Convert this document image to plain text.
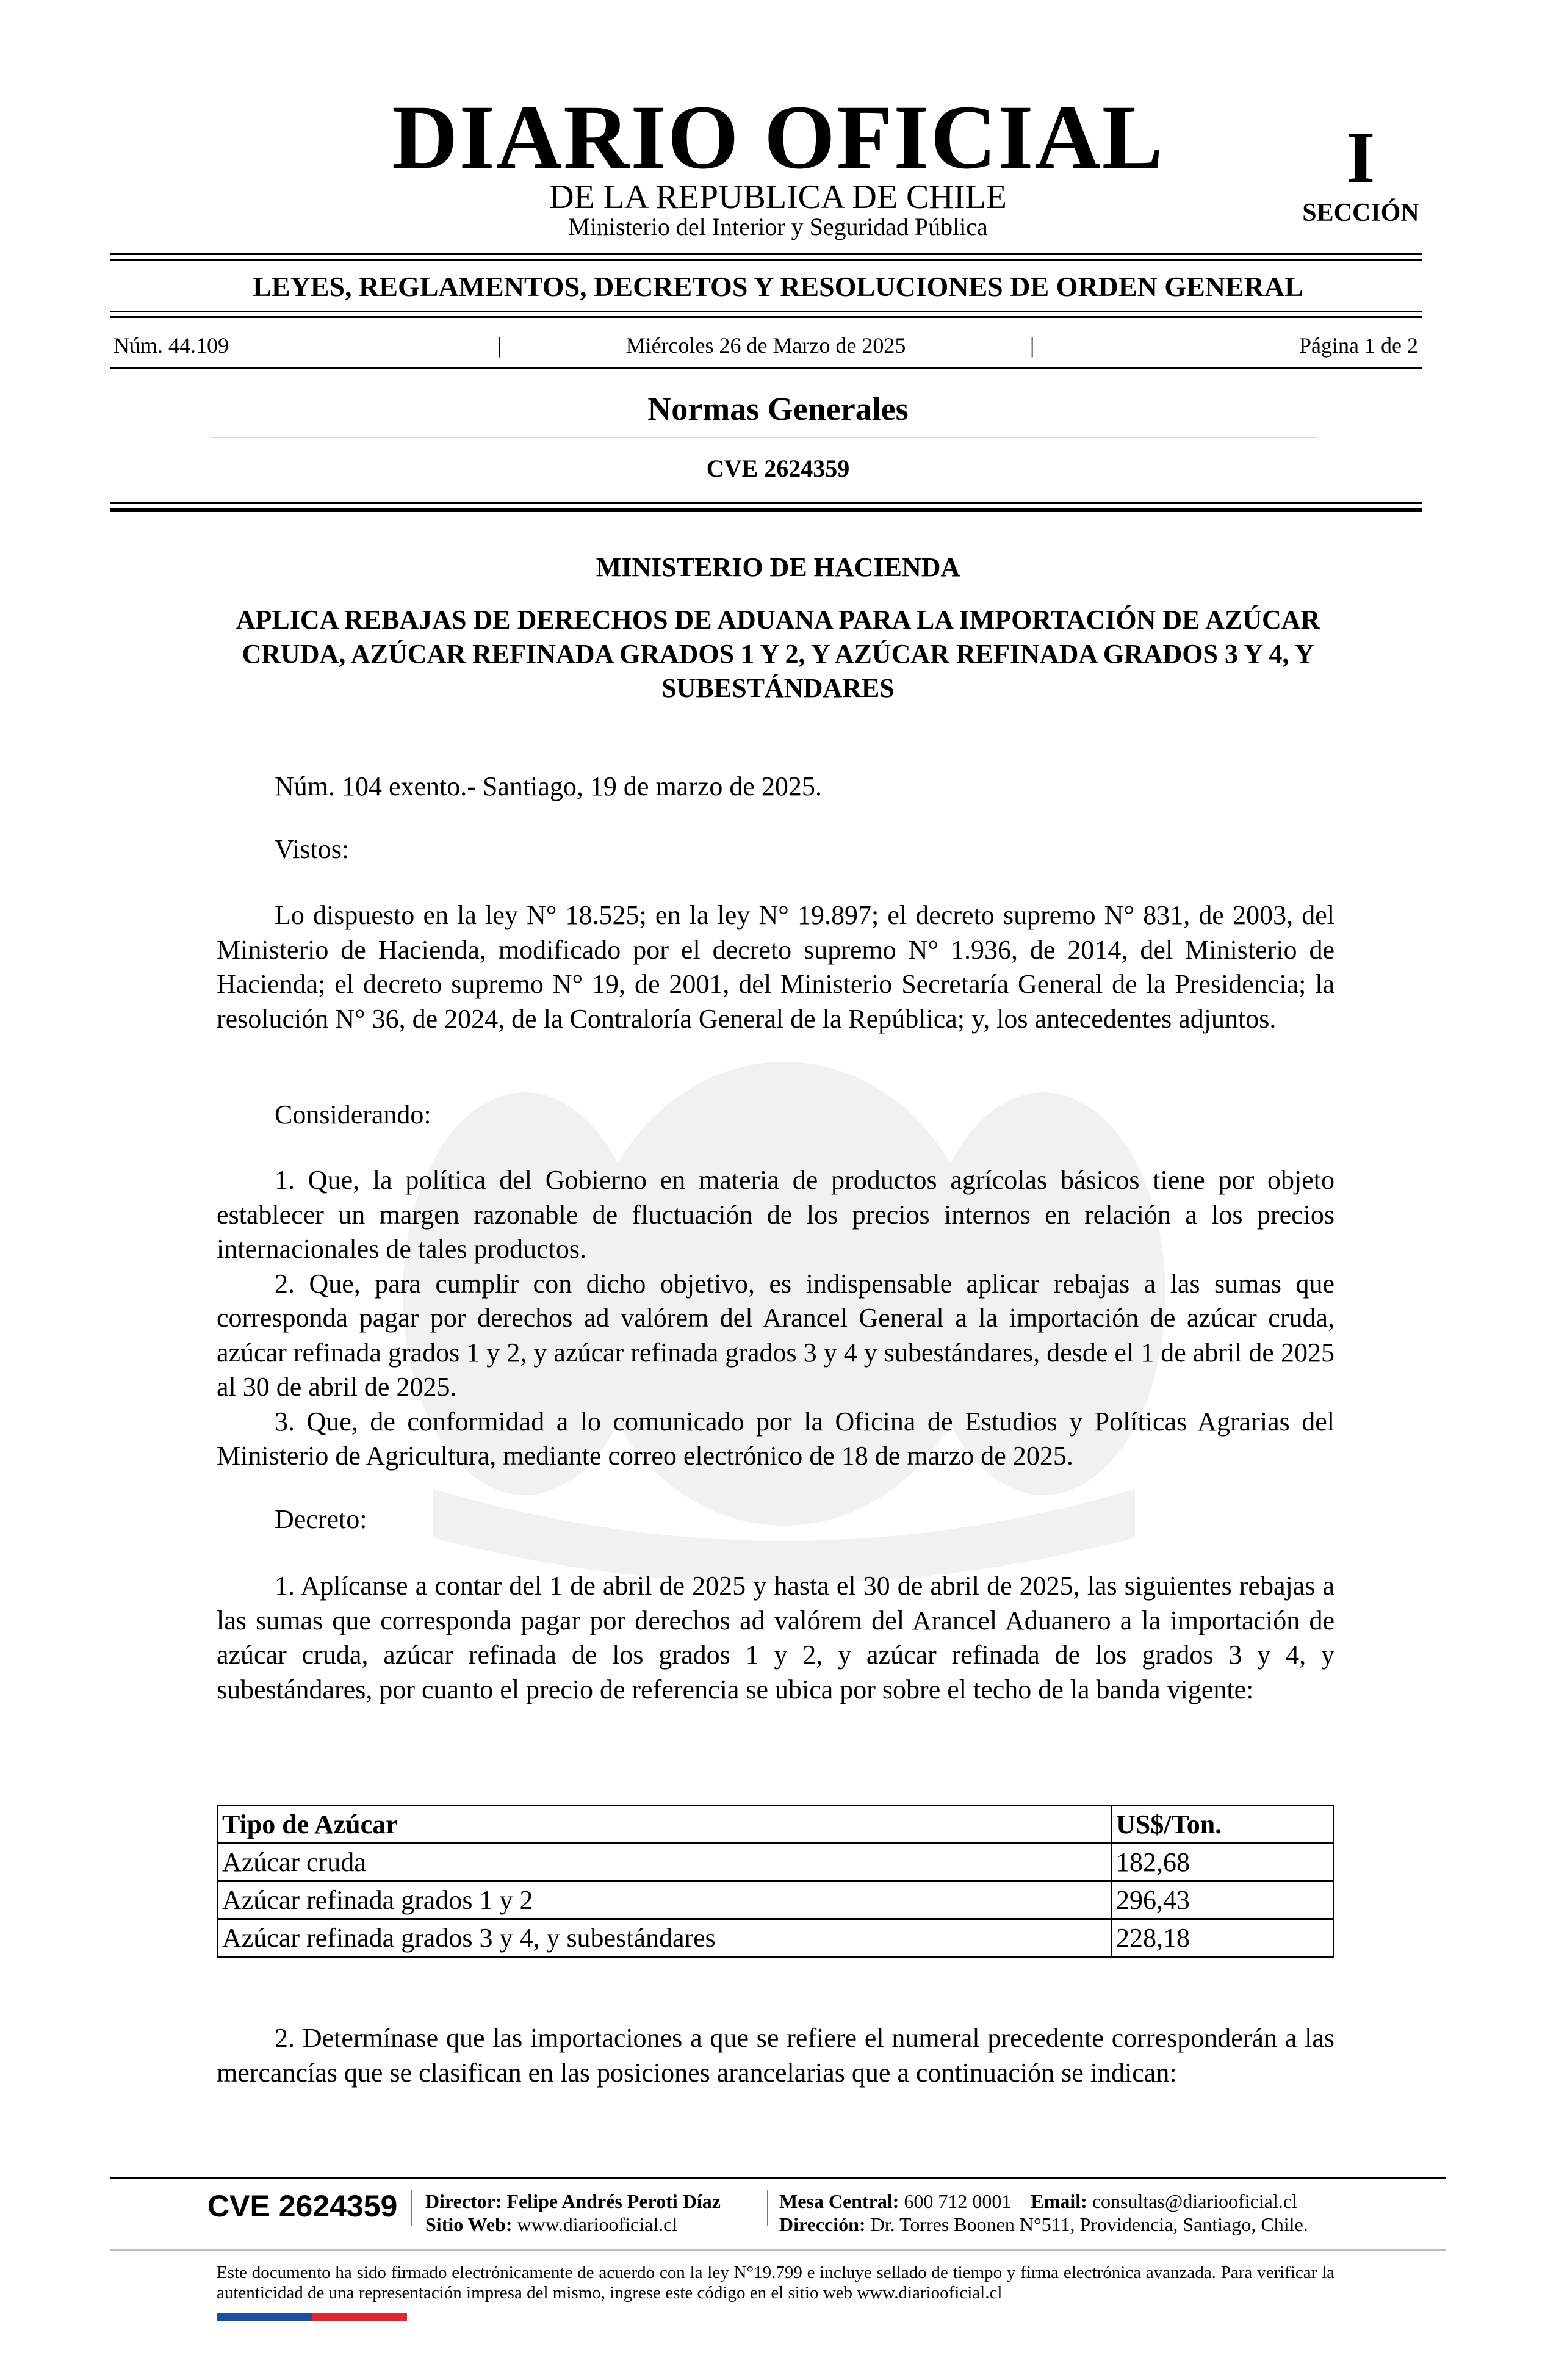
DIARIO OFICIAL
DE LA REPUBLICA DE CHILE
Ministerio del Interior y Seguridad Pública
I
SECCIÓN
LEYES, REGLAMENTOS, DECRETOS Y RESOLUCIONES DE ORDEN GENERAL
Núm. 44.109	|	Miércoles 26 de Marzo de 2025	|	Página 1 de 2
Normas Generales
CVE 2624359
MINISTERIO DE HACIENDA
APLICA REBAJAS DE DERECHOS DE ADUANA PARA LA IMPORTACIÓN DE AZÚCAR CRUDA, AZÚCAR REFINADA GRADOS 1 Y 2, Y AZÚCAR REFINADA GRADOS 3 Y 4, Y SUBESTÁNDARES
Núm. 104 exento.- Santiago, 19 de marzo de 2025.
Vistos:

Lo dispuesto en la ley N° 18.525; en la ley N° 19.897; el decreto supremo N° 831, de 2003, del Ministerio de Hacienda, modificado por el decreto supremo N° 1.936, de 2014, del Ministerio de Hacienda; el decreto supremo N° 19, de 2001, del Ministerio Secretaría General de la Presidencia; la resolución N° 36, de 2024, de la Contraloría General de la República; y, los antecedentes adjuntos.

Considerando:

1. Que, la política del Gobierno en materia de productos agrícolas básicos tiene por objeto establecer un margen razonable de fluctuación de los precios internos en relación a los precios internacionales de tales productos.

2. Que, para cumplir con dicho objetivo, es indispensable aplicar rebajas a las sumas que corresponda pagar por derechos ad valórem del Arancel General a la importación de azúcar cruda, azúcar refinada grados 1 y 2, y azúcar refinada grados 3 y 4 y subestándares, desde el 1 de abril de 2025 al 30 de abril de 2025.

3. Que, de conformidad a lo comunicado por la Oficina de Estudios y Políticas Agrarias del Ministerio de Agricultura, mediante correo electrónico de 18 de marzo de 2025.

Decreto:

1. Aplícanse a contar del 1 de abril de 2025 y hasta el 30 de abril de 2025, las siguientes rebajas a las sumas que corresponda pagar por derechos ad valórem del Arancel Aduanero a la importación de azúcar cruda, azúcar refinada de los grados 1 y 2, y azúcar refinada de los grados 3 y 4, y subestándares, por cuanto el precio de referencia se ubica por sobre el techo de la banda vigente:

Tipo de Azúcar	US$/Ton.
Azúcar cruda	182,68
Azúcar refinada grados 1 y 2	296,43
Azúcar refinada grados 3 y 4, y subestándares	228,18

2. Determínase que las importaciones a que se refiere el numeral precedente corresponderán a las mercancías que se clasifican en las posiciones arancelarias que a continuación se indican:

CVE 2624359 Director: Felipe Andrés Peroti Díaz
Sitio Web: www.diariooficial.cl
Mesa Central: 600 712 0001 Email: consultas@diariooficial.cl
Dirección: Dr. Torres Boonen N°511, Providencia, Santiago, Chile.
Este documento ha sido firmado electrónicamente de acuerdo con la ley N°19.799 e incluye sellado de tiempo y firma electrónica avanzada. Para verificar la autenticidad de una representación impresa del mismo, ingrese este código en el sitio web www.diariooficial.cl
